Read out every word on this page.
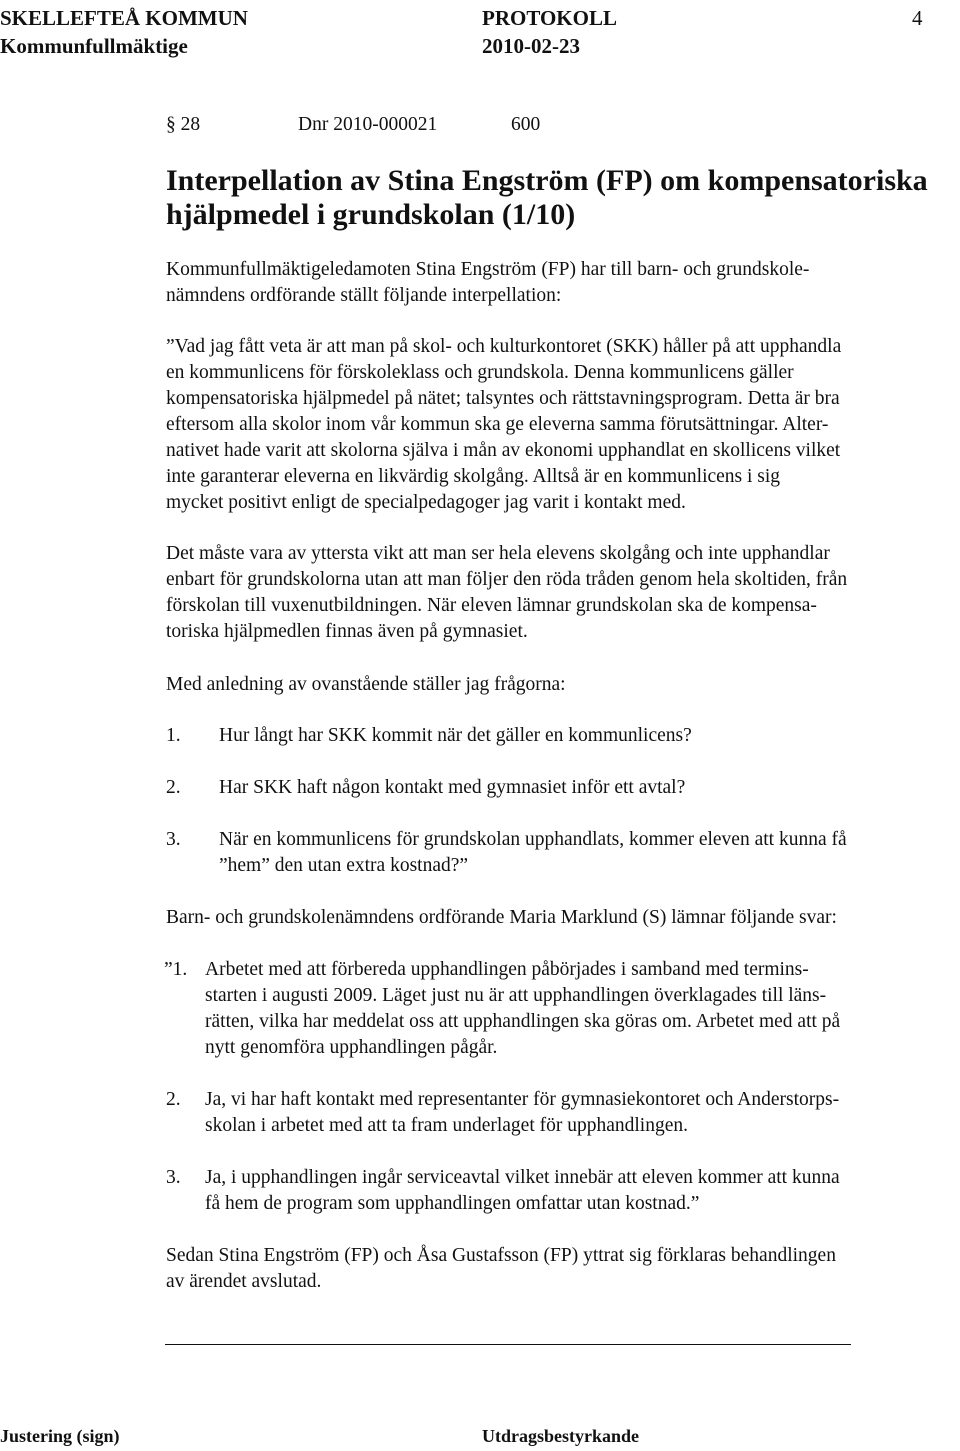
SKELLEFTEÅ KOMMUN	PROTOKOLL	4
Kommunfullmäktige	2010-02-23
§ 28	Dnr 2010-000021	600
Interpellation av Stina Engström (FP) om kompensatoriska
hjälpmedel i grundskolan (1/10)
Kommunfullmäktigeledamoten Stina Engström (FP) har till barn- och grundskole-
nämndens ordförande ställt följande interpellation:
”Vad jag fått veta är att man på skol- och kulturkontoret (SKK) håller på att upphandla
en kommunlicens för förskoleklass och grundskola. Denna kommunlicens gäller
kompensatoriska hjälpmedel på nätet; talsyntes och rättstavningsprogram. Detta är bra
eftersom alla skolor inom vår kommun ska ge eleverna samma förutsättningar. Alter-
nativet hade varit att skolorna själva i mån av ekonomi upphandlat en skollicens vilket
inte garanterar eleverna en likvärdig skolgång. Alltså är en kommunlicens i sig
mycket positivt enligt de specialpedagoger jag varit i kontakt med.
Det måste vara av yttersta vikt att man ser hela elevens skolgång och inte upphandlar
enbart för grundskolorna utan att man följer den röda tråden genom hela skoltiden, från
förskolan till vuxenutbildningen. När eleven lämnar grundskolan ska de kompensa-
toriska hjälpmedlen finnas även på gymnasiet.
Med anledning av ovanstående ställer jag frågorna:
1. Hur långt har SKK kommit när det gäller en kommunlicens?
2. Har SKK haft någon kontakt med gymnasiet inför ett avtal?
3. När en kommunlicens för grundskolan upphandlats, kommer eleven att kunna få
”hem” den utan extra kostnad?”
Barn- och grundskolenämndens ordförande Maria Marklund (S) lämnar följande svar:
”1. Arbetet med att förbereda upphandlingen påbörjades i samband med termins-
starten i augusti 2009. Läget just nu är att upphandlingen överklagades till läns-
rätten, vilka har meddelat oss att upphandlingen ska göras om. Arbetet med att på
nytt genomföra upphandlingen pågår.
2. Ja, vi har haft kontakt med representanter för gymnasiekontoret och Anderstorps-
skolan i arbetet med att ta fram underlaget för upphandlingen.
3. Ja, i upphandlingen ingår serviceavtal vilket innebär att eleven kommer att kunna
få hem de program som upphandlingen omfattar utan kostnad.”
Sedan Stina Engström (FP) och Åsa Gustafsson (FP) yttrat sig förklaras behandlingen
av ärendet avslutad.
Justering (sign)	Utdragsbestyrkande
